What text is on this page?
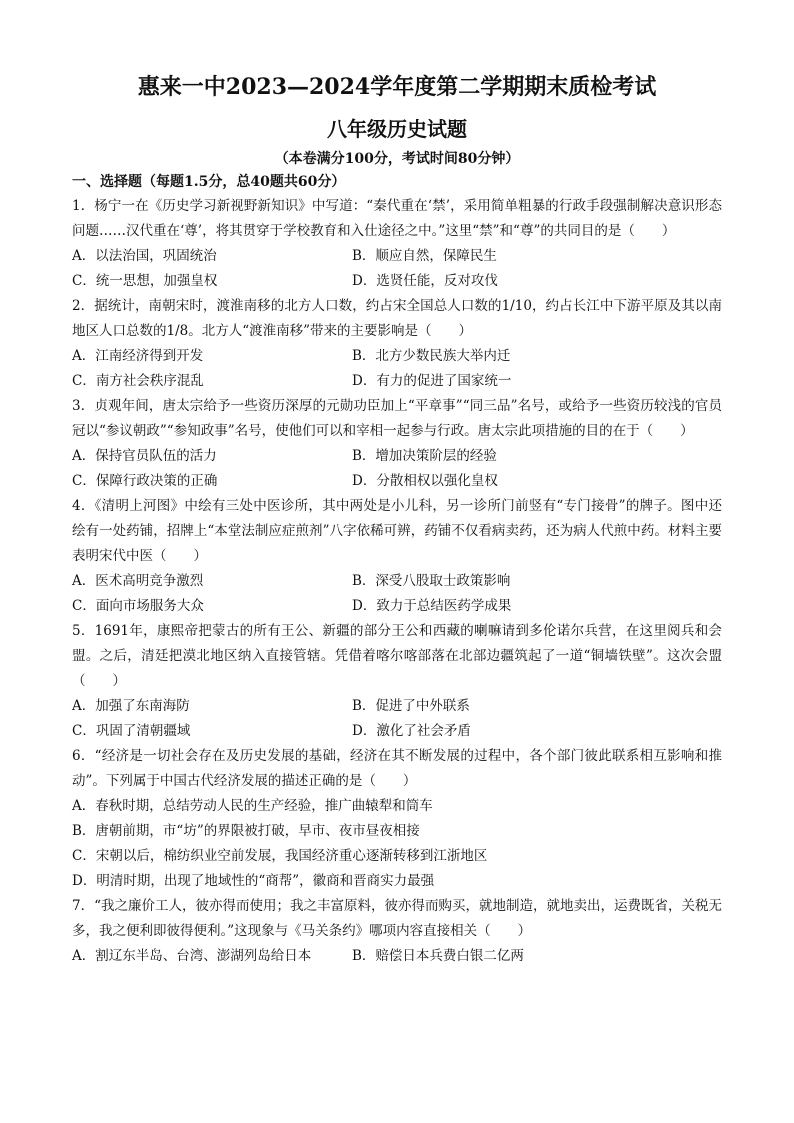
惠来一中2023—2024学年度第二学期期末质检考试
八年级历史试题
（本卷满分100分，考试时间80分钟）
一、选择题（每题1.5分，总40题共60分）
1．杨宁一在《历史学习新视野新知识》中写道：“秦代重在‘禁’，采用简单粗暴的行政手段强制解决意识形态问题……汉代重在‘尊’，将其贯穿于学校教育和入仕途径之中。”这里“禁”和“尊”的共同目的是（　　）
A．以法治国，巩固统治	B．顺应自然，保障民生
C．统一思想，加强皇权	D．选贤任能，反对攻伐
2．据统计，南朝宋时，渡淮南移的北方人口数，约占宋全国总人口数的1/10，约占长江中下游平原及其以南地区人口总数的1/8。北方人“渡淮南移”带来的主要影响是（　　）
A．江南经济得到开发	B．北方少数民族大举内迁
C．南方社会秩序混乱	D．有力的促进了国家统一
3．贞观年间，唐太宗给予一些资历深厚的元勋功臣加上“平章事”“同三品”名号，或给予一些资历较浅的官员冠以“参议朝政”“参知政事”名号，使他们可以和宰相一起参与行政。唐太宗此项措施的目的在于（　　）
A．保持官员队伍的活力	B．增加决策阶层的经验
C．保障行政决策的正确	D．分散相权以强化皇权
4．《清明上河图》中绘有三处中医诊所，其中两处是小儿科，另一诊所门前竖有“专门接骨”的牌子。图中还绘有一处药铺，招牌上“本堂法制应症煎剂”八字依稀可辨，药铺不仅看病卖药，还为病人代煎中药。材料主要表明宋代中医（　　）
A．医术高明竞争激烈	B．深受八股取士政策影响
C．面向市场服务大众	D．致力于总结医药学成果
5．1691年，康熙帝把蒙古的所有王公、新疆的部分王公和西藏的喇嘛请到多伦诺尔兵营，在这里阅兵和会盟。之后，清廷把漠北地区纳入直接管辖。凭借着喀尔喀部落在北部边疆筑起了一道“铜墙铁壁”。这次会盟（　　）
A．加强了东南海防	B．促进了中外联系
C．巩固了清朝疆域	D．激化了社会矛盾
6．“经济是一切社会存在及历史发展的基础，经济在其不断发展的过程中，各个部门彼此联系相互影响和推动”。下列属于中国古代经济发展的描述正确的是（　　）
A．春秋时期，总结劳动人民的生产经验，推广曲辕犁和筒车
B．唐朝前期，市“坊”的界限被打破，早市、夜市昼夜相接
C．宋朝以后，棉纺织业空前发展，我国经济重心逐渐转移到江浙地区
D．明清时期，出现了地域性的“商帮”，徽商和晋商实力最强
7．“我之廉价工人，彼亦得而使用；我之丰富原料，彼亦得而购买，就地制造，就地卖出，运费既省，关税无多，我之便利即彼得便利。”这现象与《马关条约》哪项内容直接相关（　　）
A．割辽东半岛、台湾、澎湖列岛给日本	B．赔偿日本兵费白银二亿两
